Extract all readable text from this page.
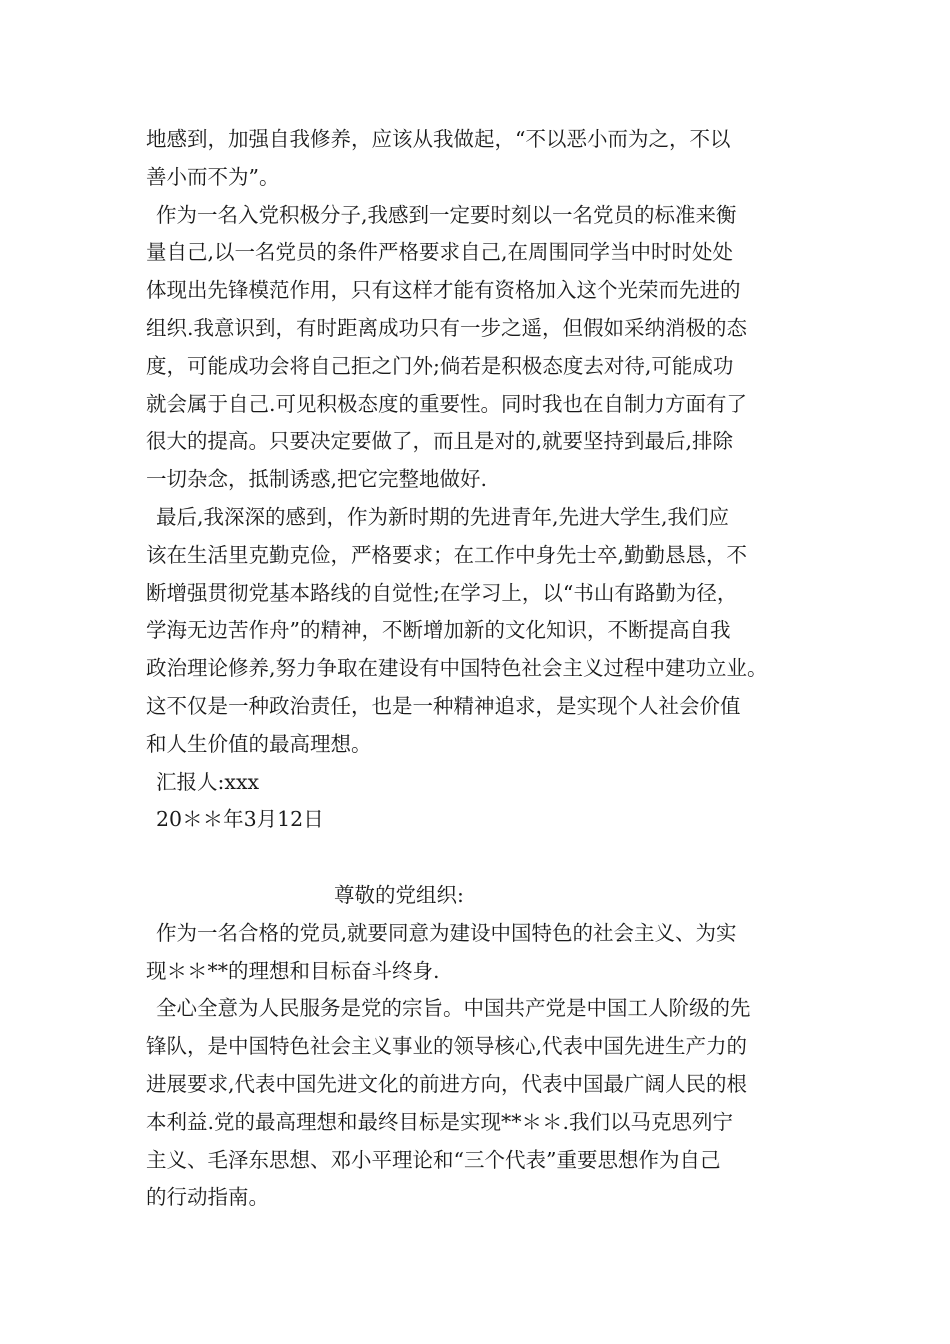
地感到，加强自我修养，应该从我做起，“不以恶小而为之，不以
善小而不为”。
作为一名入党积极分子,我感到一定要时刻以一名党员的标准来衡
量自己,以一名党员的条件严格要求自己,在周围同学当中时时处处
体现出先锋模范作用，只有这样才能有资格加入这个光荣而先进的
组织.我意识到，有时距离成功只有一步之遥，但假如采纳消极的态
度，可能成功会将自己拒之门外;倘若是积极态度去对待,可能成功
就会属于自己.可见积极态度的重要性。同时我也在自制力方面有了
很大的提高。只要决定要做了，而且是对的,就要坚持到最后,排除
一切杂念，抵制诱惑,把它完整地做好.
最后,我深深的感到，作为新时期的先进青年,先进大学生,我们应
该在生活里克勤克俭，严格要求；在工作中身先士卒,勤勤恳恳，不
断增强贯彻党基本路线的自觉性;在学习上，以“书山有路勤为径，
学海无边苦作舟”的精神，不断增加新的文化知识，不断提高自我
政治理论修养,努力争取在建设有中国特色社会主义过程中建功立业。
这不仅是一种政治责任，也是一种精神追求，是实现个人社会价值
和人生价值的最高理想。
汇报人:xxx
20＊＊年3月12日
尊敬的党组织:
作为一名合格的党员,就要同意为建设中国特色的社会主义、为实
现＊＊**的理想和目标奋斗终身.
全心全意为人民服务是党的宗旨。中国共产党是中国工人阶级的先
锋队，是中国特色社会主义事业的领导核心,代表中国先进生产力的
进展要求,代表中国先进文化的前进方向，代表中国最广阔人民的根
本利益.党的最高理想和最终目标是实现**＊＊.我们以马克思列宁
主义、毛泽东思想、邓小平理论和“三个代表”重要思想作为自己
的行动指南。
